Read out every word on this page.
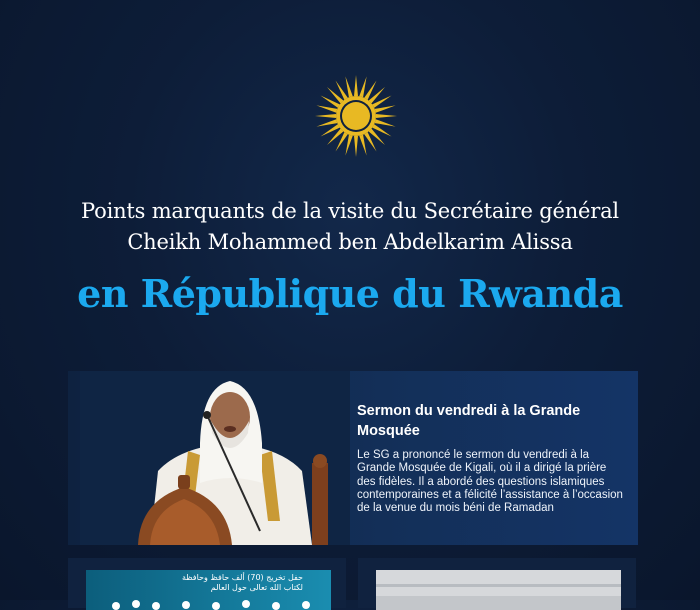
Points marquants de la visite du Secrétaire général
Cheikh Mohammed ben Abdelkarim Alissa
en République du Rwanda
Sermon du vendredi à la Grande Mosquée
Le SG a prononcé le sermon du vendredi à la Grande Mosquée de Kigali, où il a dirigé la prière des fidèles. Il a abordé des questions islamiques contemporaines et a félicité l’assistance à l’occasion de la venue du mois béni de Ramadan
حفل تخريج (70) ألف حافظ وحافظة
لكتاب الله تعالى حول العالم
